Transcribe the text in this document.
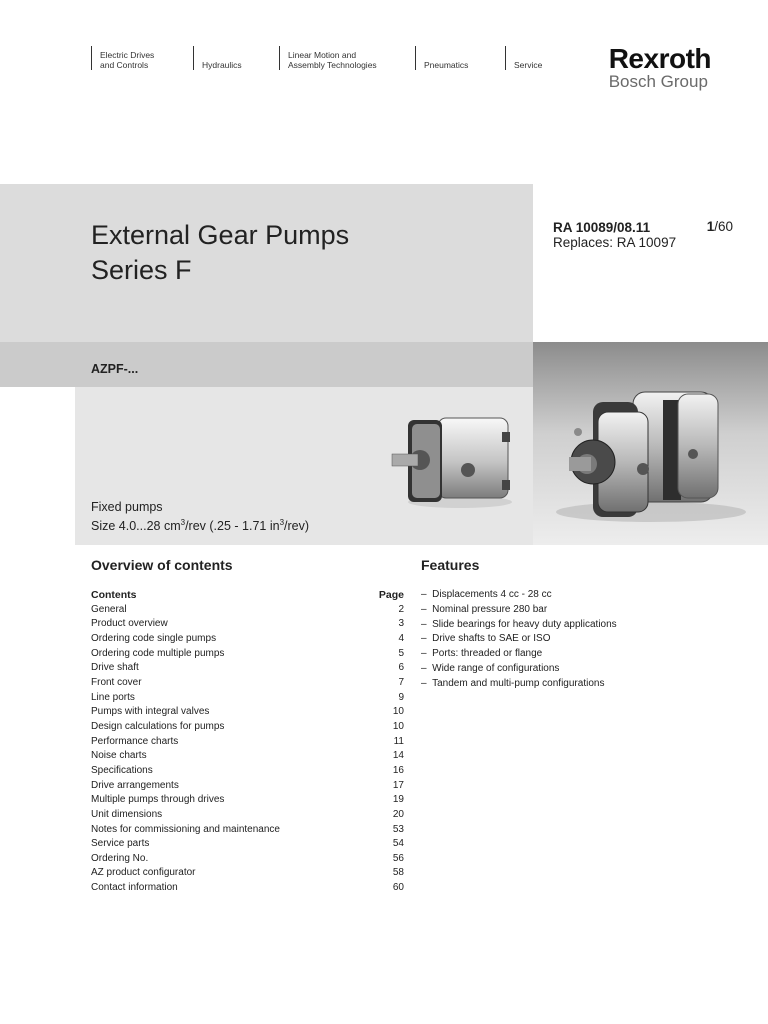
Electric Drives
and Controls	Hydraulics
Linear Motion and
Assembly Technologies	Pneumatics	Service Rexroth
Bosch Group
External Gear Pumps
Series F
RA 10089/08.11
Replaces: RA 10097
1/60
AZPF-...
Fixed pumps
Size 4.0...28 $cm^3$/rev (.25 - 1.71 $in^3/rev$)
Overview of contents	Features
Contents	Page
General	2
Product overview	3
Ordering code single pumps	4
Ordering code multiple pumps	5
Drive shaft	6
Front cover	7
Line ports	9
Pumps with integral valves	10
Design calculations for pumps	10
Performance charts	11
Noise charts	14
Specifications	16
Drive arrangements	17
Multiple pumps through drives	19
Unit dimensions	20
Notes for commissioning and maintenance	53
Service parts	54
Ordering No.	56
AZ product configurator	58
Contact information	60
–  Displacements 4 cc - 28 cc
–  Nominal pressure 280 bar
–  Slide bearings for heavy duty applications
–  Drive shafts to SAE or ISO
–  Ports: threaded or flange
–  Wide range of configurations
–  Tandem and multi-pump configurations
